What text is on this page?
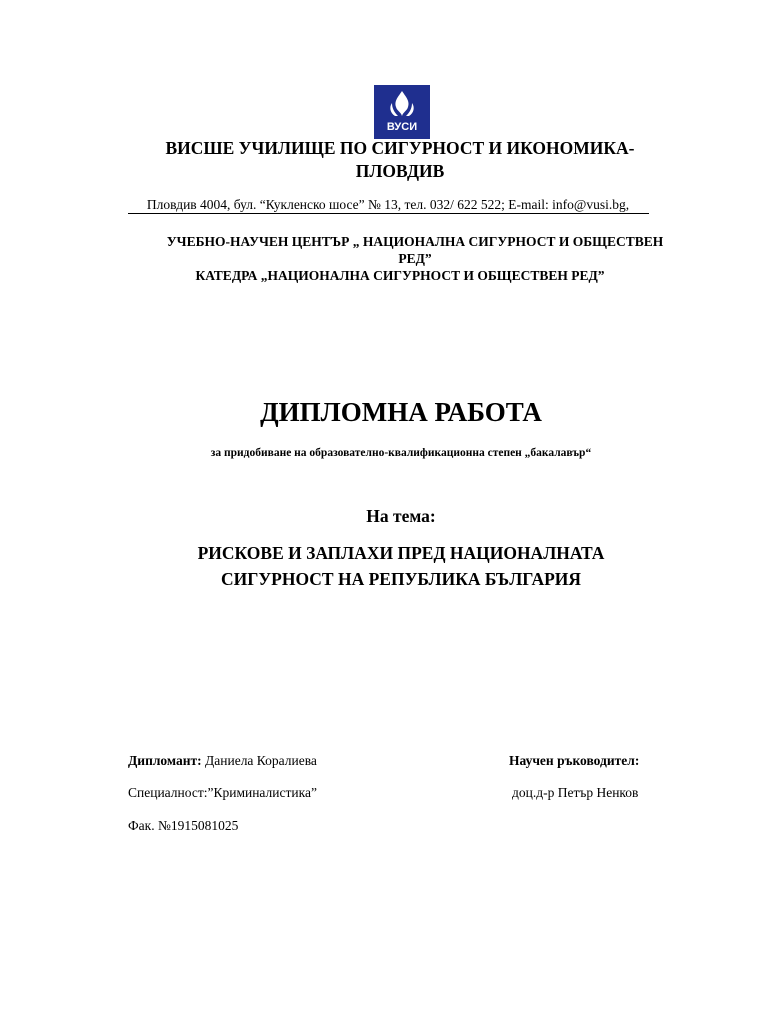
ВУСИ
ВИСШЕ УЧИЛИЩЕ ПО СИГУРНОСТ И ИКОНОМИКА-
ПЛОВДИВ
Пловдив 4004, бул. “Кукленско шосе” № 13, тел. 032/ 622 522; E-mail: info@vusi.bg,
УЧЕБНО-НАУЧЕН ЦЕНТЪР „ НАЦИОНАЛНА СИГУРНОСТ И ОБЩЕСТВЕН
РЕД”
КАТЕДРА „НАЦИОНАЛНА СИГУРНОСТ И ОБЩЕСТВЕН РЕД”
ДИПЛОМНА РАБОТА
за придобиване на образователно-квалификационна степен „бакалавър“
На тема:
РИСКОВЕ И ЗАПЛАХИ ПРЕД НАЦИОНАЛНАТА
СИГУРНОСТ НА РЕПУБЛИКА БЪЛГАРИЯ
Дипломант: Даниела Коралиева	Научен ръководител:
Специалност:”Криминалистика”	доц.д-р Петър Ненков
Фак. №1915081025
